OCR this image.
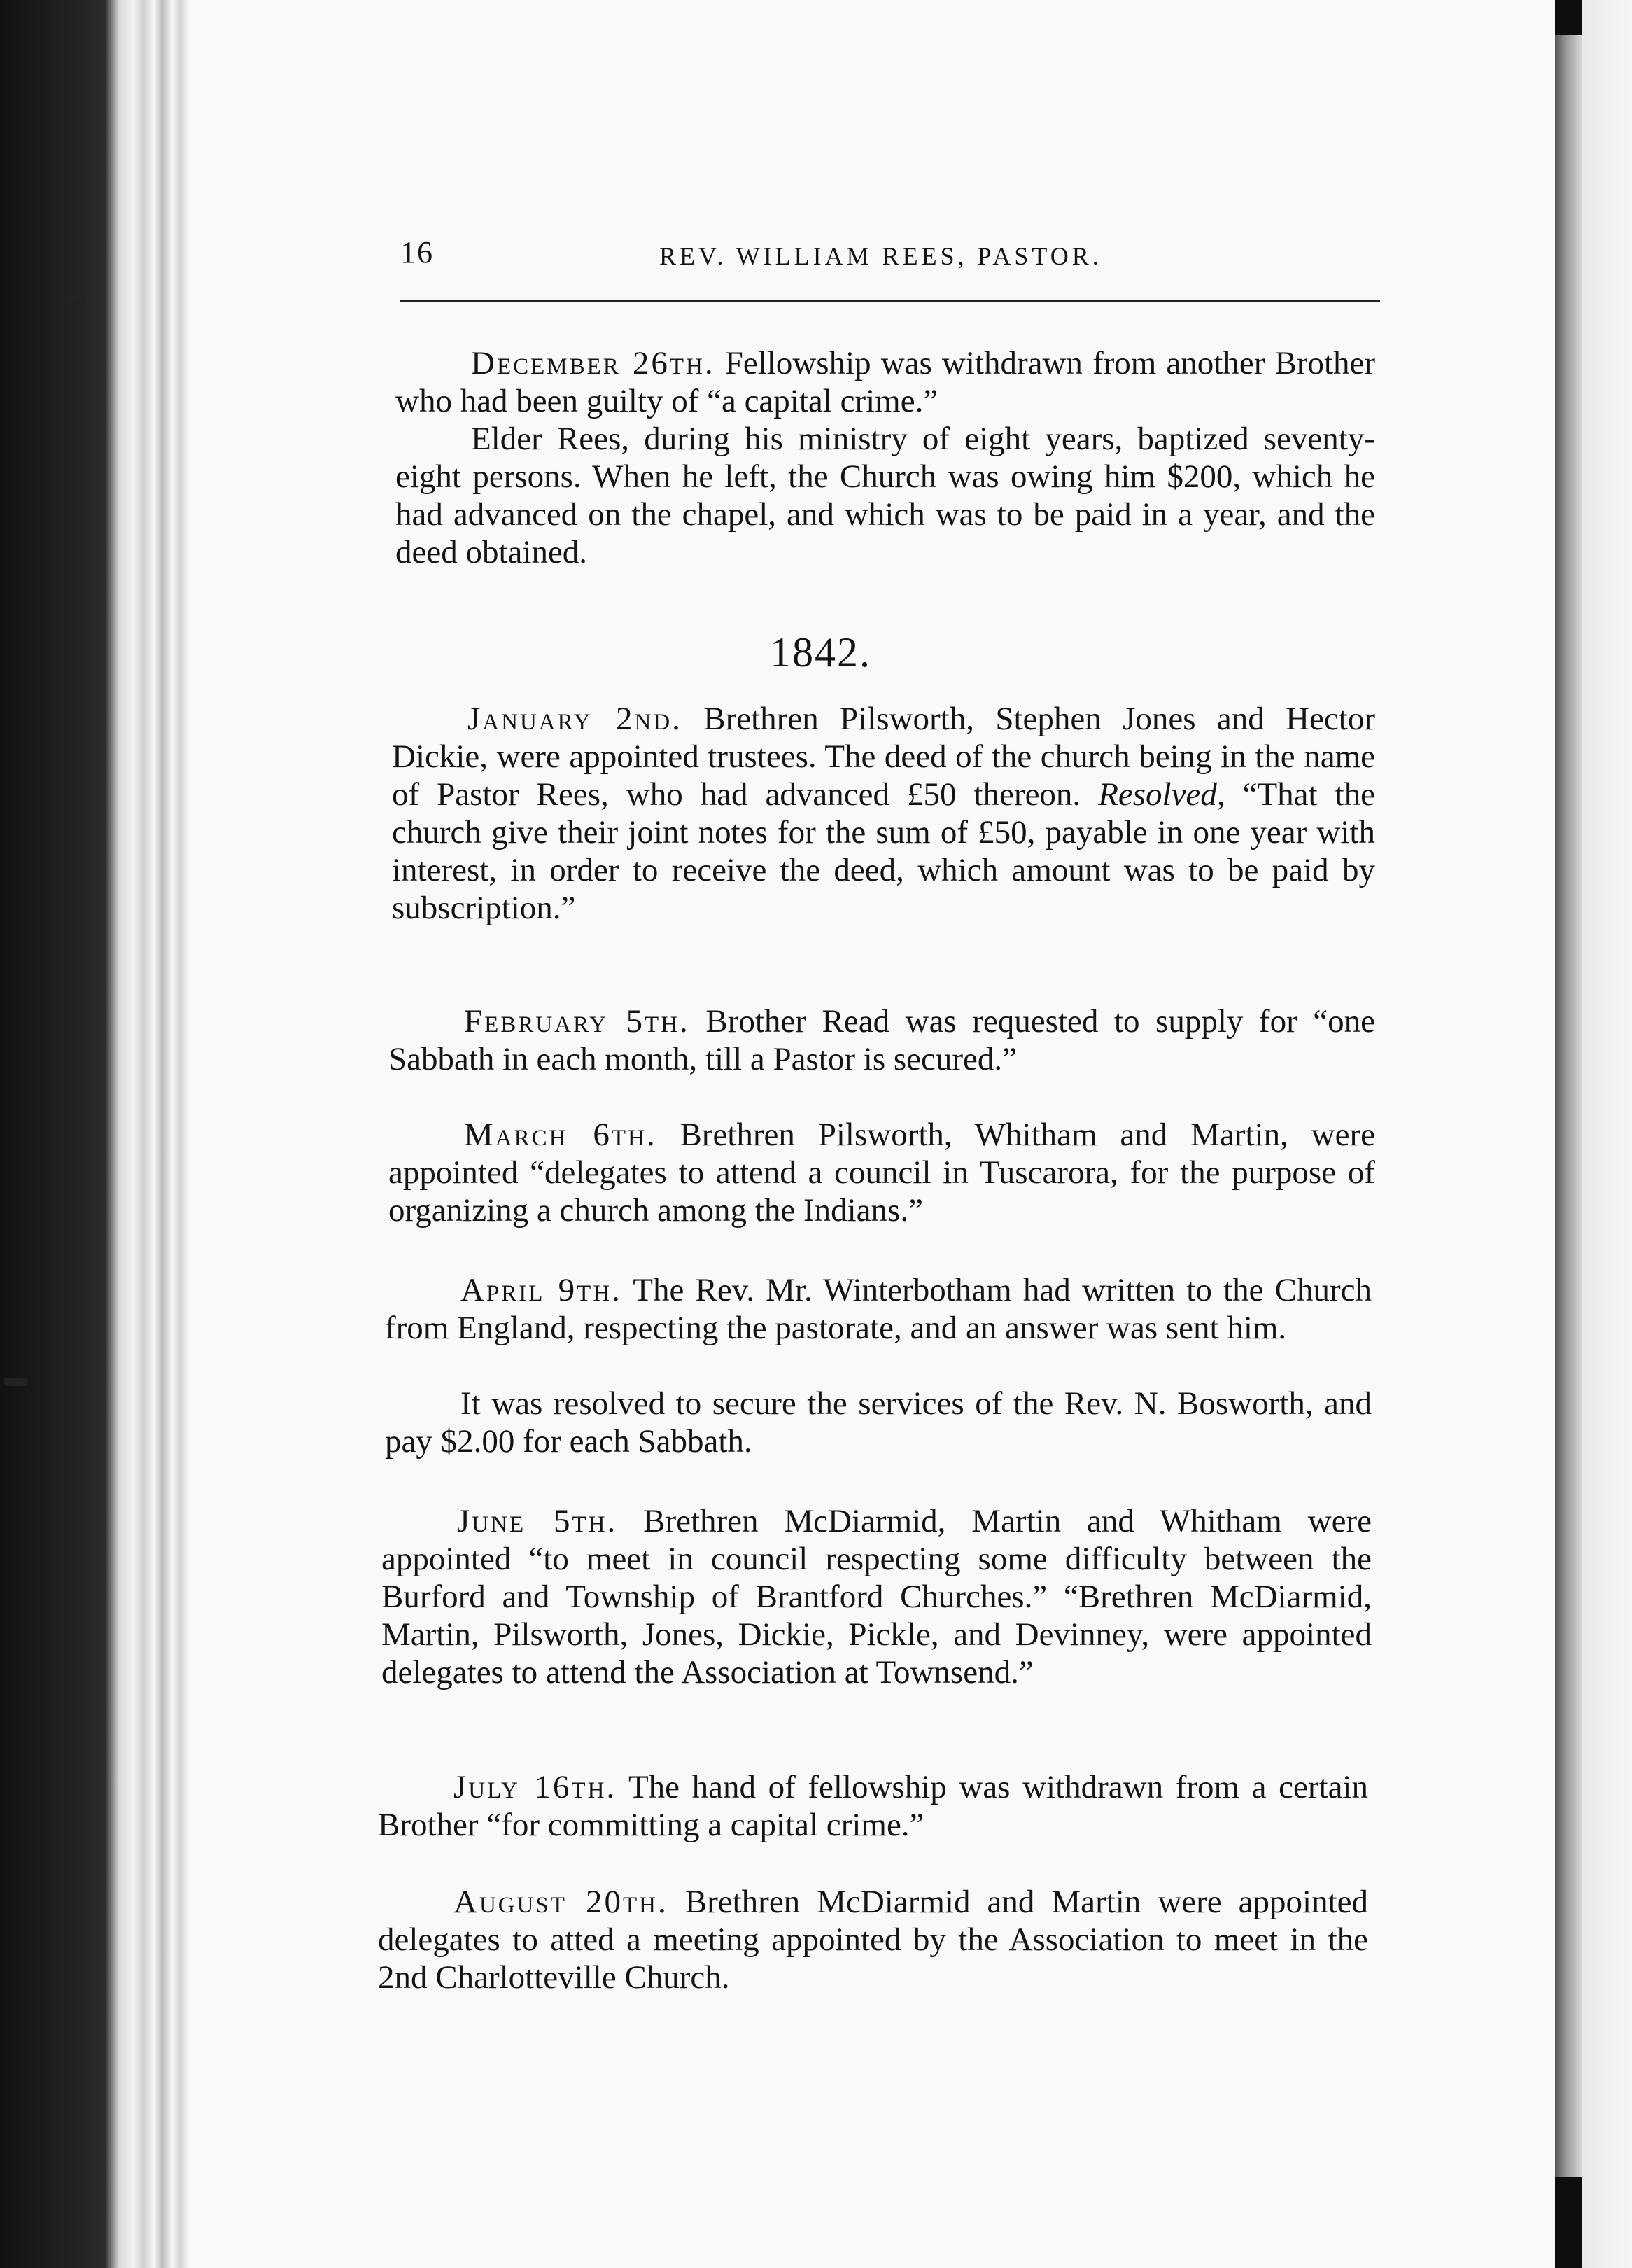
16	REV. WILLIAM REES, PASTOR.

December 26th. Fellowship was withdrawn from another Brother who had been guilty of “a capital crime.”

Elder Rees, during his ministry of eight years, baptized seventy-eight persons. When he left, the Church was owing him $200, which he had advanced on the chapel, and which was to be paid in a year, and the deed obtained.

1842.

January 2nd. Brethren Pilsworth, Stephen Jones and Hector Dickie, were appointed trustees. The deed of the church being in the name of Pastor Rees, who had advanced £50 thereon. Resolved, “That the church give their joint notes for the sum of £50, payable in one year with interest, in order to receive the deed, which amount was to be paid by subscription.”

February 5th. Brother Read was requested to supply for “one Sabbath in each month, till a Pastor is secured.”

March 6th. Brethren Pilsworth, Whitham and Martin, were appointed “delegates to attend a council in Tuscarora, for the purpose of organizing a church among the Indians.”

April 9th. The Rev. Mr. Winterbotham had written to the Church from England, respecting the pastorate, and an answer was sent him.

It was resolved to secure the services of the Rev. N. Bosworth, and pay $2.00 for each Sabbath.

June 5th. Brethren McDiarmid, Martin and Whitham were appointed “to meet in council respecting some difficulty between the Burford and Township of Brantford Churches.” “Brethren McDiarmid, Martin, Pilsworth, Jones, Dickie, Pickle, and Devinney, were appointed delegates to attend the Association at Townsend.”

July 16th. The hand of fellowship was withdrawn from a certain Brother “for committing a capital crime.”

August 20th. Brethren McDiarmid and Martin were appointed delegates to atted a meeting appointed by the Association to meet in the 2nd Charlotteville Church.
